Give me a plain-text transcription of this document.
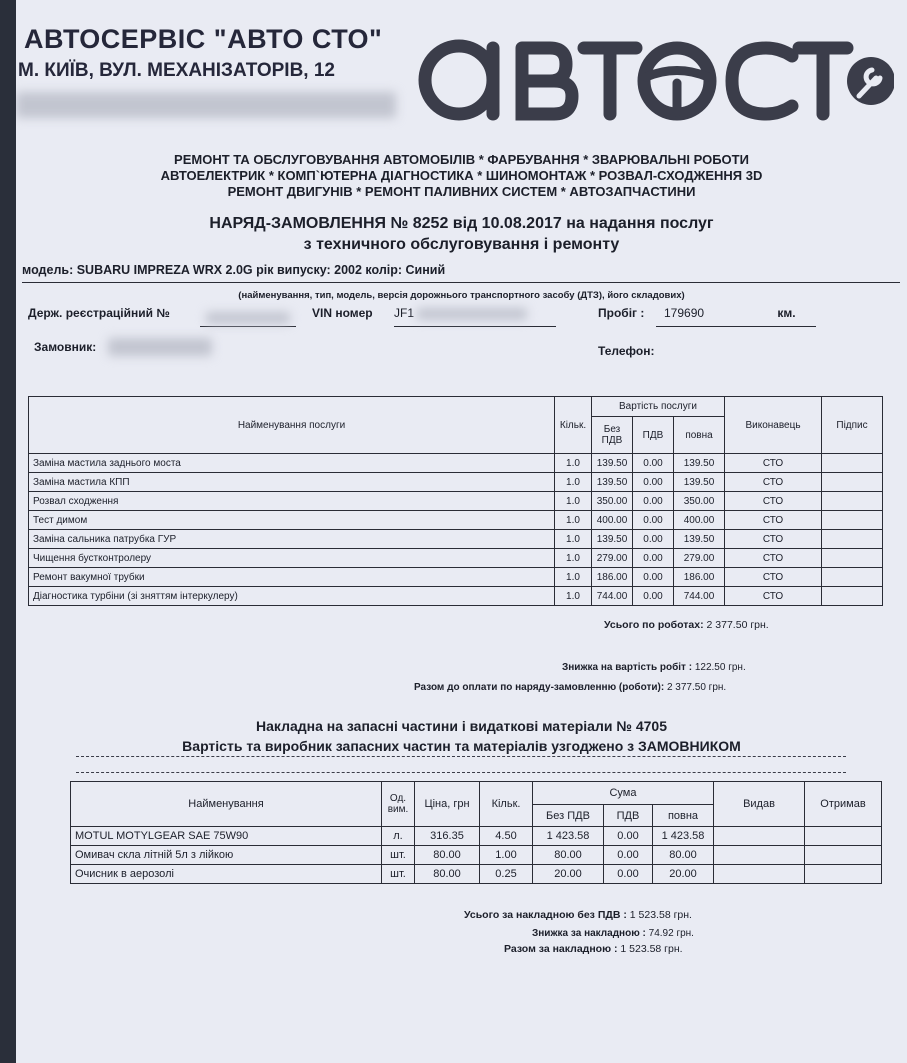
АВТОСЕРВІС "АВТО СТО"
М. КИЇВ, ВУЛ. МЕХАНІЗАТОРІВ, 12
РЕМОНТ ТА ОБСЛУГОВУВАННЯ АВТОМОБІЛІВ * ФАРБУВАННЯ * ЗВАРЮВАЛЬНІ РОБОТИ
АВТОЕЛЕКТРИК * КОМП`ЮТЕРНА ДІАГНОСТИКА * ШИНОМОНТАЖ * РОЗВАЛ-СХОДЖЕННЯ 3D
РЕМОНТ ДВИГУНІВ * РЕМОНТ ПАЛИВНИХ СИСТЕМ * АВТОЗАПЧАСТИНИ
НАРЯД-ЗАМОВЛЕННЯ № 8252 від 10.08.2017 на надання послуг
з техничного обслуговування і ремонту
модель: SUBARU IMPREZA WRX 2.0G рік випуску: 2002 колір: Синий
(найменування, тип, модель, версія дорожнього транспортного засобу (ДТЗ), його складових)
Держ. реєстраційний №	VIN номер JF1	Пробіг :	179690	км.
Замовник:	Телефон:
Найменування послуги	Кільк.	Вартість послуги			Виконавець	Підпис
		Без ПДВ	ПДВ	повна		
Заміна мастила заднього моста	1.0	139.50	0.00	139.50	СТО	
Заміна мастила КПП	1.0	139.50	0.00	139.50	СТО	
Розвал сходження	1.0	350.00	0.00	350.00	СТО	
Тест димом	1.0	400.00	0.00	400.00	СТО	
Заміна сальника патрубка ГУР	1.0	139.50	0.00	139.50	СТО	
Чищення бустконтролеру	1.0	279.00	0.00	279.00	СТО	
Ремонт вакумної трубки	1.0	186.00	0.00	186.00	СТО	
Діагностика турбіни (зі зняттям інтеркулеру)	1.0	744.00	0.00	744.00	СТО	
Усього по роботах: 2 377.50 грн.
Знижка на вартість робіт : 122.50 грн.
Разом до оплати по наряду-замовленню (роботи): 2 377.50 грн.
Накладна на запасні частини і видаткові матеріали № 4705
Вартість та виробник запасних частин та матеріалів узгоджено з ЗАМОВНИКОМ
Найменування	Од. вим.	Ціна, грн	Кільк.	Сума			Видав	Отримав
				Без ПДВ	ПДВ	повна		
MOTUL MOTYLGEAR SAE 75W90	л.	316.35	4.50	1 423.58	0.00	1 423.58		
Омивач скла літній 5л з лійкою	шт.	80.00	1.00	80.00	0.00	80.00		
Очисник в аерозолі	шт.	80.00	0.25	20.00	0.00	20.00		
Усього за накладною без ПДВ : 1 523.58 грн.
Знижка за накладною : 74.92 грн.
Разом за накладною : 1 523.58 грн.
